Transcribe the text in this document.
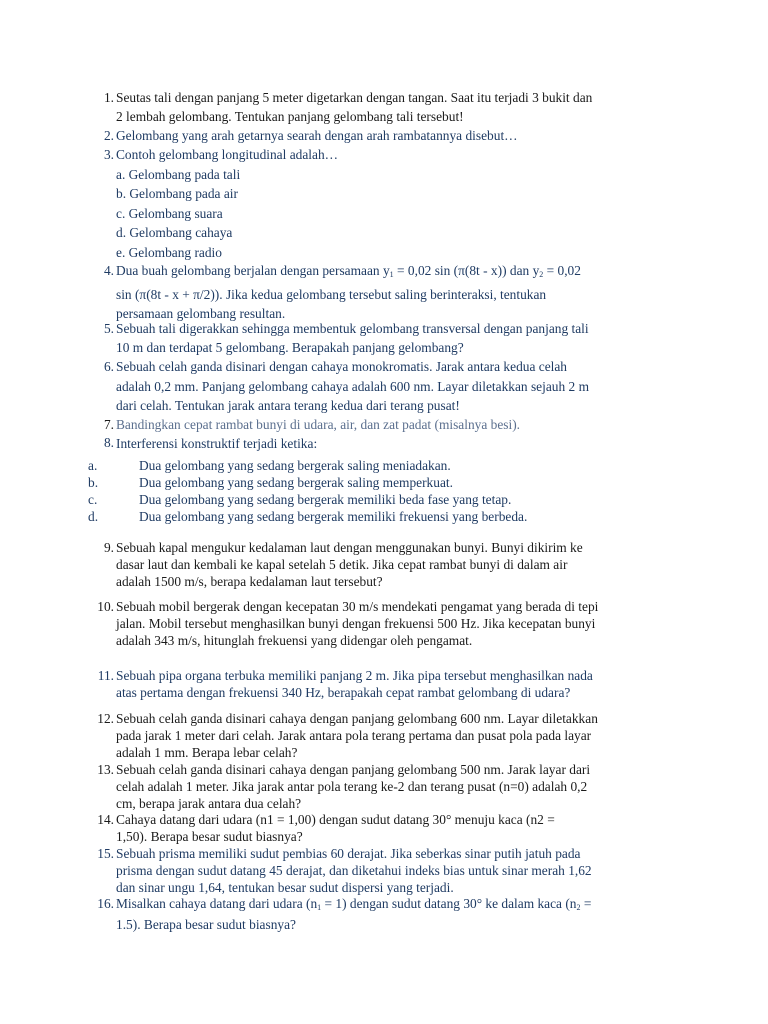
1. Seutas tali dengan panjang 5 meter digetarkan dengan tangan. Saat itu terjadi 3 bukit dan
2 lembah gelombang. Tentukan panjang gelombang tali tersebut!
2. Gelombang yang arah getarnya searah dengan arah rambatannya disebut…
3. Contoh gelombang longitudinal adalah…
a. Gelombang pada tali
b. Gelombang pada air
c. Gelombang suara
d. Gelombang cahaya
e. Gelombang radio
4. Dua buah gelombang berjalan dengan persamaan $y_1 = 0,02$ sin (π(8t - x)) dan $y_2 = 0,02$
sin (π(8t - x + π/2)). Jika kedua gelombang tersebut saling berinteraksi, tentukan
persamaan gelombang resultan.
5. Sebuah tali digerakkan sehingga membentuk gelombang transversal dengan panjang tali
10 m dan terdapat 5 gelombang. Berapakah panjang gelombang?
6. Sebuah celah ganda disinari dengan cahaya monokromatis. Jarak antara kedua celah
adalah 0,2 mm. Panjang gelombang cahaya adalah 600 nm. Layar diletakkan sejauh 2 m
dari celah. Tentukan jarak antara terang kedua dari terang pusat!
7. Bandingkan cepat rambat bunyi di udara, air, dan zat padat (misalnya besi).
8. Interferensi konstruktif terjadi ketika:
a.	Dua gelombang yang sedang bergerak saling meniadakan.
b.	Dua gelombang yang sedang bergerak saling memperkuat.
c.	Dua gelombang yang sedang bergerak memiliki beda fase yang tetap.
d.	Dua gelombang yang sedang bergerak memiliki frekuensi yang berbeda.
9. Sebuah kapal mengukur kedalaman laut dengan menggunakan bunyi. Bunyi dikirim ke
dasar laut dan kembali ke kapal setelah 5 detik. Jika cepat rambat bunyi di dalam air
adalah 1500 m/s, berapa kedalaman laut tersebut?
10. Sebuah mobil bergerak dengan kecepatan 30 m/s mendekati pengamat yang berada di tepi
jalan. Mobil tersebut menghasilkan bunyi dengan frekuensi 500 Hz. Jika kecepatan bunyi
adalah 343 m/s, hitunglah frekuensi yang didengar oleh pengamat.
11. Sebuah pipa organa terbuka memiliki panjang 2 m. Jika pipa tersebut menghasilkan nada
atas pertama dengan frekuensi 340 Hz, berapakah cepat rambat gelombang di udara?
12. Sebuah celah ganda disinari cahaya dengan panjang gelombang 600 nm. Layar diletakkan
pada jarak 1 meter dari celah. Jarak antara pola terang pertama dan pusat pola pada layar
adalah 1 mm. Berapa lebar celah?
13. Sebuah celah ganda disinari cahaya dengan panjang gelombang 500 nm. Jarak layar dari
celah adalah 1 meter. Jika jarak antar pola terang ke-2 dan terang pusat (n=0) adalah 0,2
cm, berapa jarak antara dua celah?
14. Cahaya datang dari udara (n1 = 1,00) dengan sudut datang 30° menuju kaca (n2 =
1,50). Berapa besar sudut biasnya?
15. Sebuah prisma memiliki sudut pembias 60 derajat. Jika seberkas sinar putih jatuh pada
prisma dengan sudut datang 45 derajat, dan diketahui indeks bias untuk sinar merah 1,62
dan sinar ungu 1,64, tentukan besar sudut dispersi yang terjadi.
16. Misalkan cahaya datang dari udara $(n_1 = 1)$ dengan sudut datang 30° ke dalam kaca ($n_2$ =
1.5). Berapa besar sudut biasnya?
